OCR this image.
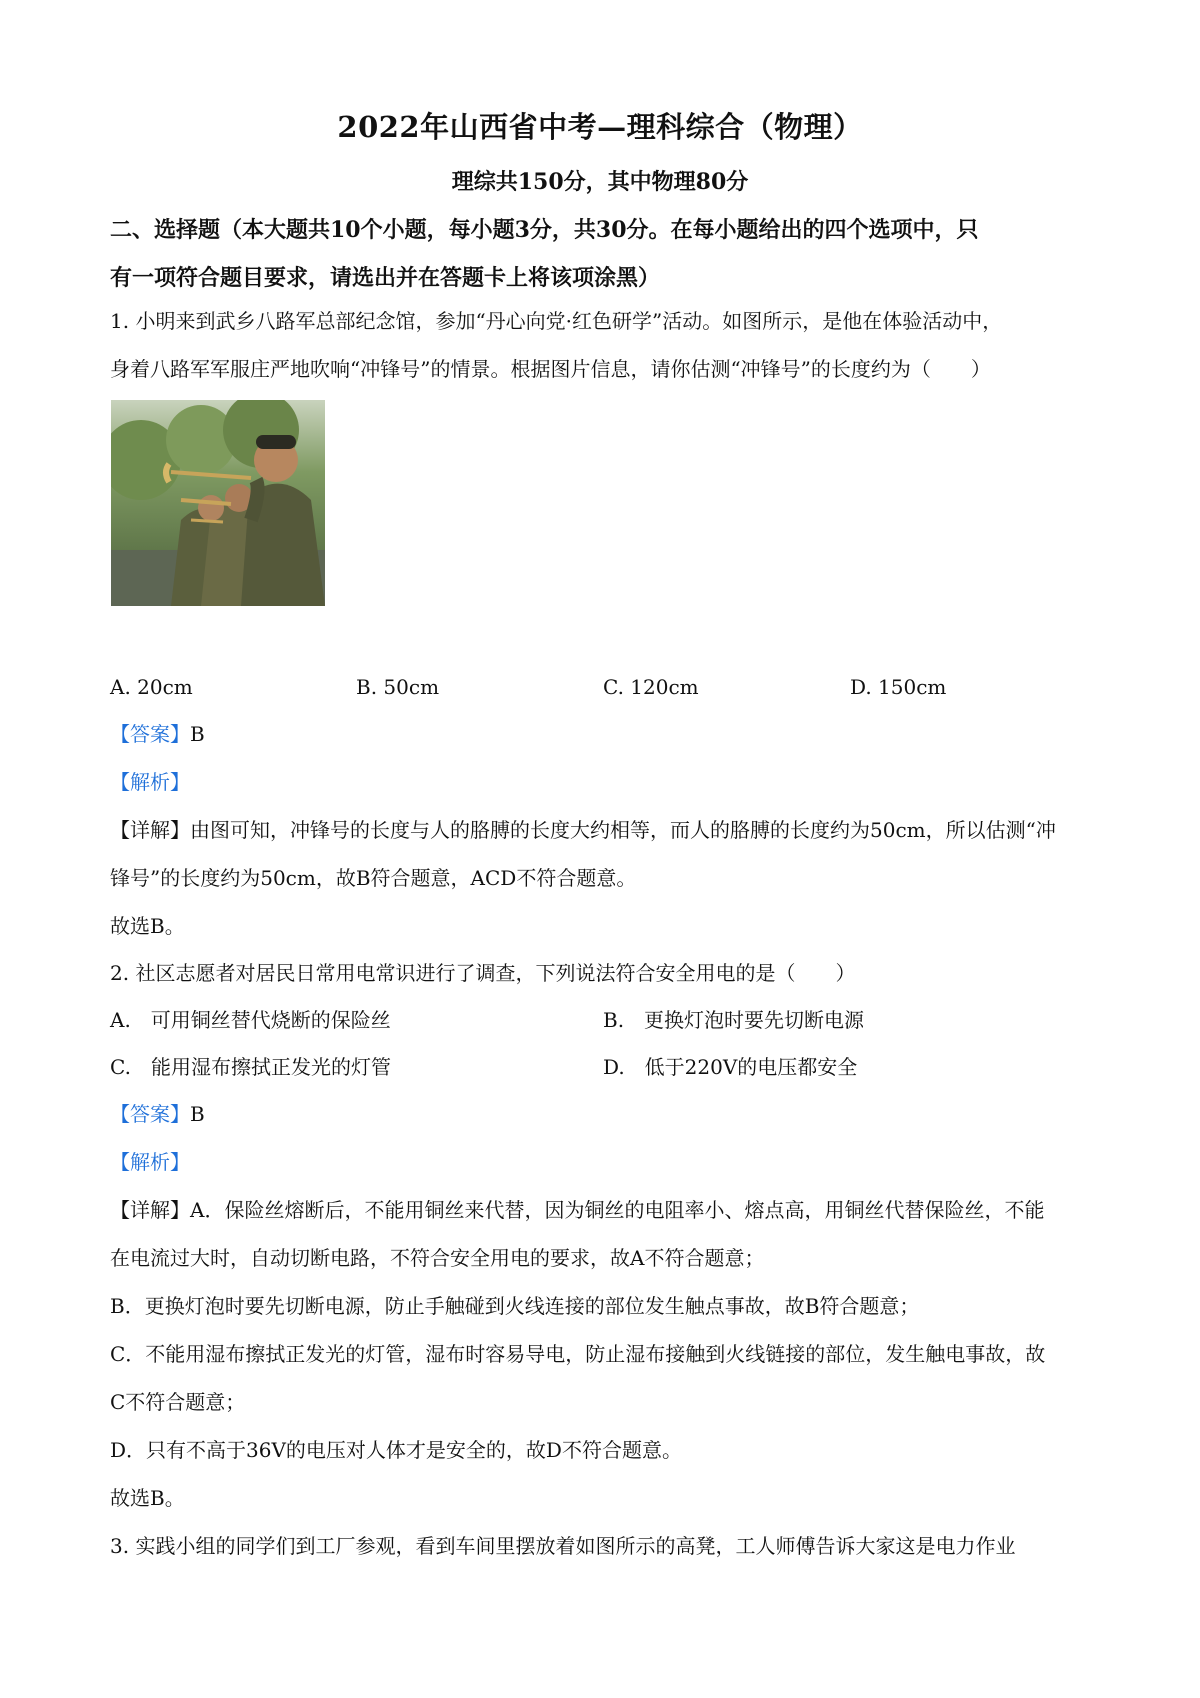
2022年山西省中考—理科综合（物理）
理综共150分，其中物理80分
二、选择题（本大题共10个小题，每小题3分，共30分。在每小题给出的四个选项中，只
有一项符合题目要求，请选出并在答题卡上将该项涂黑）
1. 小明来到武乡八路军总部纪念馆，参加“丹心向党·红色研学”活动。如图所示，是他在体验活动中，
身着八路军军服庄严地吹响“冲锋号”的情景。根据图片信息，请你估测“冲锋号”的长度约为（　　）
A. 20cm	B. 50cm	C. 120cm	D. 150cm
【答案】B
【解析】
【详解】由图可知，冲锋号的长度与人的胳膊的长度大约相等，而人的胳膊的长度约为50cm，所以估测“冲
锋号”的长度约为50cm，故B符合题意，ACD不符合题意。
故选B。
2. 社区志愿者对居民日常用电常识进行了调查，下列说法符合安全用电的是（　　）
A.　可用铜丝替代烧断的保险丝	B.　更换灯泡时要先切断电源
C.　能用湿布擦拭正发光的灯管	D.　低于220V的电压都安全
【答案】B
【解析】
【详解】A．保险丝熔断后，不能用铜丝来代替，因为铜丝的电阻率小、熔点高，用铜丝代替保险丝，不能
在电流过大时，自动切断电路，不符合安全用电的要求，故A不符合题意；
B．更换灯泡时要先切断电源，防止手触碰到火线连接的部位发生触点事故，故B符合题意；
C．不能用湿布擦拭正发光的灯管，湿布时容易导电，防止湿布接触到火线链接的部位，发生触电事故，故
C不符合题意；
D．只有不高于36V的电压对人体才是安全的，故D不符合题意。
故选B。
3. 实践小组的同学们到工厂参观，看到车间里摆放着如图所示的高凳，工人师傅告诉大家这是电力作业
